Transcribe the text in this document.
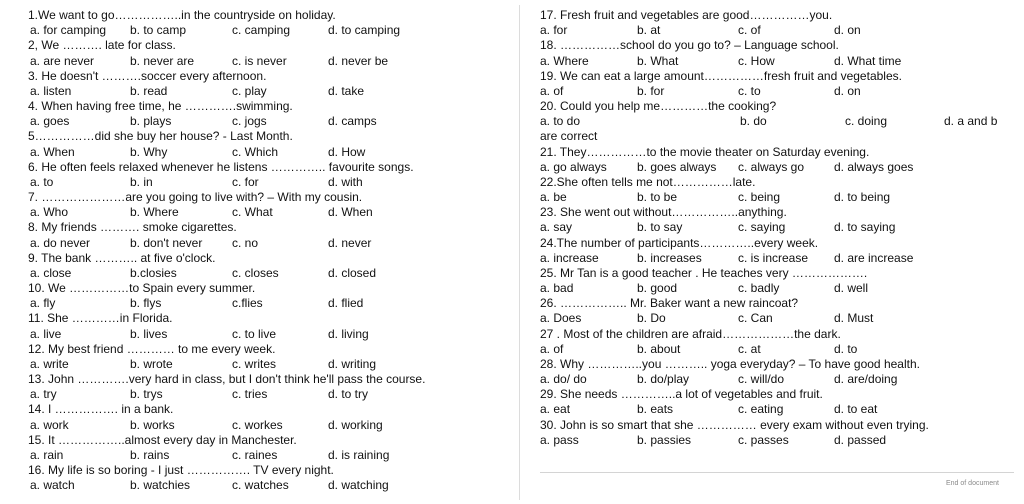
1.We want to go……………..in the countryside on holiday.
a. for camping b. to camp	c. camping	d. to camping
2, We ………. late for class.
a. are never	b. never are	c. is never	d. never be
3. He doesn't ……….soccer every afternoon.
a. listen	b. read	c. play	d. take
4. When having free time, he ………….swimming.
a. goes	b. plays	c. jogs	d. camps
5……………did she buy her house? - Last Month.
a. When	b. Why	c. Which	d. How
6. He often feels relaxed whenever he listens ………….. favourite songs.
a. to	b. in	c. for	d. with
7. …………………are you going to live with? – With my cousin.
a. Who	b. Where	c. What	d. When
8. My friends ………. smoke cigarettes.
a. do never	b. don't never c. no	d. never
9. The bank ……….. at five o'clock.
a. close	b.closies	c. closes	d. closed
10. We ……………to Spain every summer.
a. fly	b. flys	c.flies	d. flied
11. She …………in Florida.
a. live	b. lives	c. to live	d. living
12. My best friend ………… to me every week.
a. write	b. wrote	c. writes	d. writing
13. John ………….very hard in class, but I don't think he'll pass the course.
a. try	b. trys	c. tries	d. to try
14. I ……………. in a bank.
a. work	b. works	c. workes	d. working
15. It ……………..almost every day in Manchester.
a. rain	b. rains	c. raines	d. is raining
16. My life is so boring - I just ……………. TV every night.
a. watch	b. watchies	c. watches	d. watching
17. Fresh fruit and vegetables are good……………you.
a. for	b. at	c. of	d. on
18. ……………school do you go to? – Language school.
a. Where	b. What	c. How	d. What time
19. We can eat a large amount……………fresh fruit and vegetables.
a. of	b. for	c. to	d. on
20. Could you help me…………the cooking?
a. to do	b. do	c. doing	d. a and b
are correct
21. They……………to the movie theater on Saturday evening.
a. go always	b. goes always c. always go d. always goes
22.She often tells me not……………late.
a. be	b. to be	c. being	d. to being
23. She went out without……………..anything.
a. say	b. to say	c. saying	d. to saying
24.The number of participants…………..every week.
a. increase	b. increases	c. is increase d. are increase
25. Mr Tan is a good teacher . He teaches very ……………….
a. bad	b. good	c. badly	d. well
26. …………….. Mr. Baker want a new raincoat?
a. Does	b. Do	c. Can	d. Must
27 . Most of the children are afraid………………the dark.
a. of	b. about	c. at	d. to
28. Why …………..you ……….. yoga everyday? – To have good health.
a. do/ do	b. do/play	c. will/do	d. are/doing
29. She needs …………..a lot of vegetables and fruit.
a. eat	b. eats	c. eating	d. to eat
30. John is so smart that she …………… every exam without even trying.
a. pass	b. passies	c. passes	d. passed
End of document
